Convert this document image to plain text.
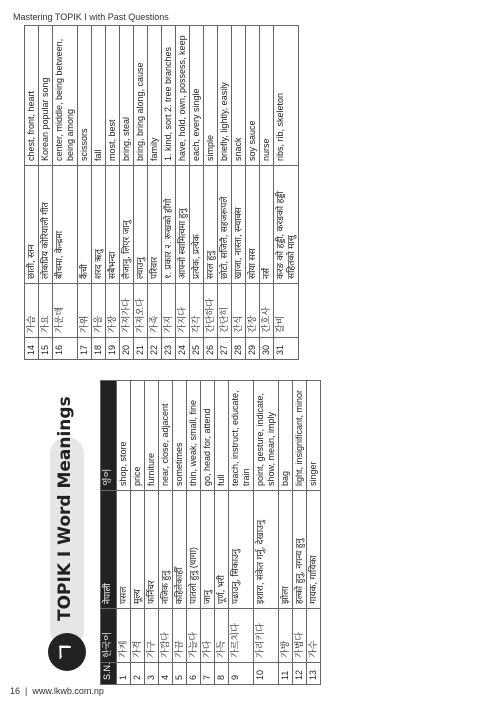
Mastering TOPIK I with Past Questions
ㄱ
TOPIK I Word Meanings
S.N.	한국어	नेपाली	영어
1	가게	पसल	shop, store
2	가격	मूल्य	price
3	가구	फर्निचर	furniture
4	가깝다	नजिक हुनु	near, close, adjacent
5	가끔	कहिलेकाहीँ	sometimes
6	가늘다	पातलो हुनु (धागा)	thin, weak, small, fine
7	가다	जानु	go, head for, attend
8	가득	पूर्ण, भरी	full
9	가르치다	पढाउनु, सिकाउनु	teach, instruct, educate, train
10	가리키다	इशारा, संकेत गर्नु, देखाउनु	point, gesture, indicate, show, mean, imply
11	가방	झोला	bag
12	가볍다	हल्को हुनु, नगन्य हुनु	light, insignificant, minor
13	가수	गायक, गायिका	singer
14	가슴	छाती, स्तन	chest, front, heart
15	가요	लोकप्रिय कोरियाली गीत	Korean popular song
16	가운데	बीचमा, केन्द्रमा	center, middle, being between, being among
17	가위	कैंची	scissors
18	가을	शरद ऋतु	fall
19	가장	सबैभन्दा	most, best
20	가져가다	लैजानु, लिएर जानु	bring, steal
21	가져오다	ल्याउनु	bring, bring along, cause
22	가족	परिवार	family
23	가지	१. प्रकार २. रूखको हाँगो	1. kind, sort 2. tree branches
24	가지다	आफ्नो स्वामित्वमा हुनु	have, hold, own, possess, keep
25	각각	प्रत्येक, प्रत्येक	each, every single
26	간단하다	सरल हुनु	simple
27	간단히	छोटो, सजिलै, सहजरूपले	briefly, lightly, easily
28	간식	खाजा, नास्ता, स्न्याक्स	snack
29	간장	सोया सस	soy sauce
30	간호사	नर्स	nurse
31	갈비	करङ को हड्डी, करङको हड्डी सहितको मासु	ribs, rib, skeleton
16 | www.lkwb.com.np
